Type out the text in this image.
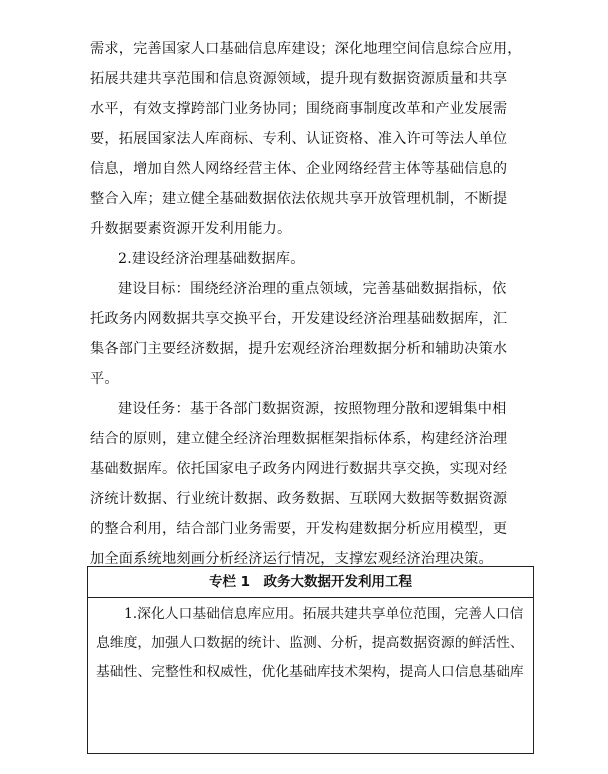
需求，完善国家人口基础信息库建设；深化地理空间信息综合应用，
拓展共建共享范围和信息资源领域，提升现有数据资源质量和共享
水平，有效支撑跨部门业务协同；围绕商事制度改革和产业发展需
要，拓展国家法人库商标、专利、认证资格、准入许可等法人单位
信息，增加自然人网络经营主体、企业网络经营主体等基础信息的
整合入库；建立健全基础数据依法依规共享开放管理机制，不断提
升数据要素资源开发利用能力。
2.建设经济治理基础数据库。
建设目标：围绕经济治理的重点领域，完善基础数据指标，依
托政务内网数据共享交换平台，开发建设经济治理基础数据库，汇
集各部门主要经济数据，提升宏观经济治理数据分析和辅助决策水
平。
建设任务：基于各部门数据资源，按照物理分散和逻辑集中相
结合的原则，建立健全经济治理数据框架指标体系，构建经济治理
基础数据库。依托国家电子政务内网进行数据共享交换，实现对经
济统计数据、行业统计数据、政务数据、互联网大数据等数据资源
的整合利用，结合部门业务需要，开发构建数据分析应用模型，更
加全面系统地刻画分析经济运行情况，支撑宏观经济治理决策。
专栏 1　政务大数据开发利用工程
1.深化人口基础信息库应用。拓展共建共享单位范围，完善人口信
息维度，加强人口数据的统计、监测、分析，提高数据资源的鲜活性、
基础性、完整性和权威性，优化基础库技术架构，提高人口信息基础库
